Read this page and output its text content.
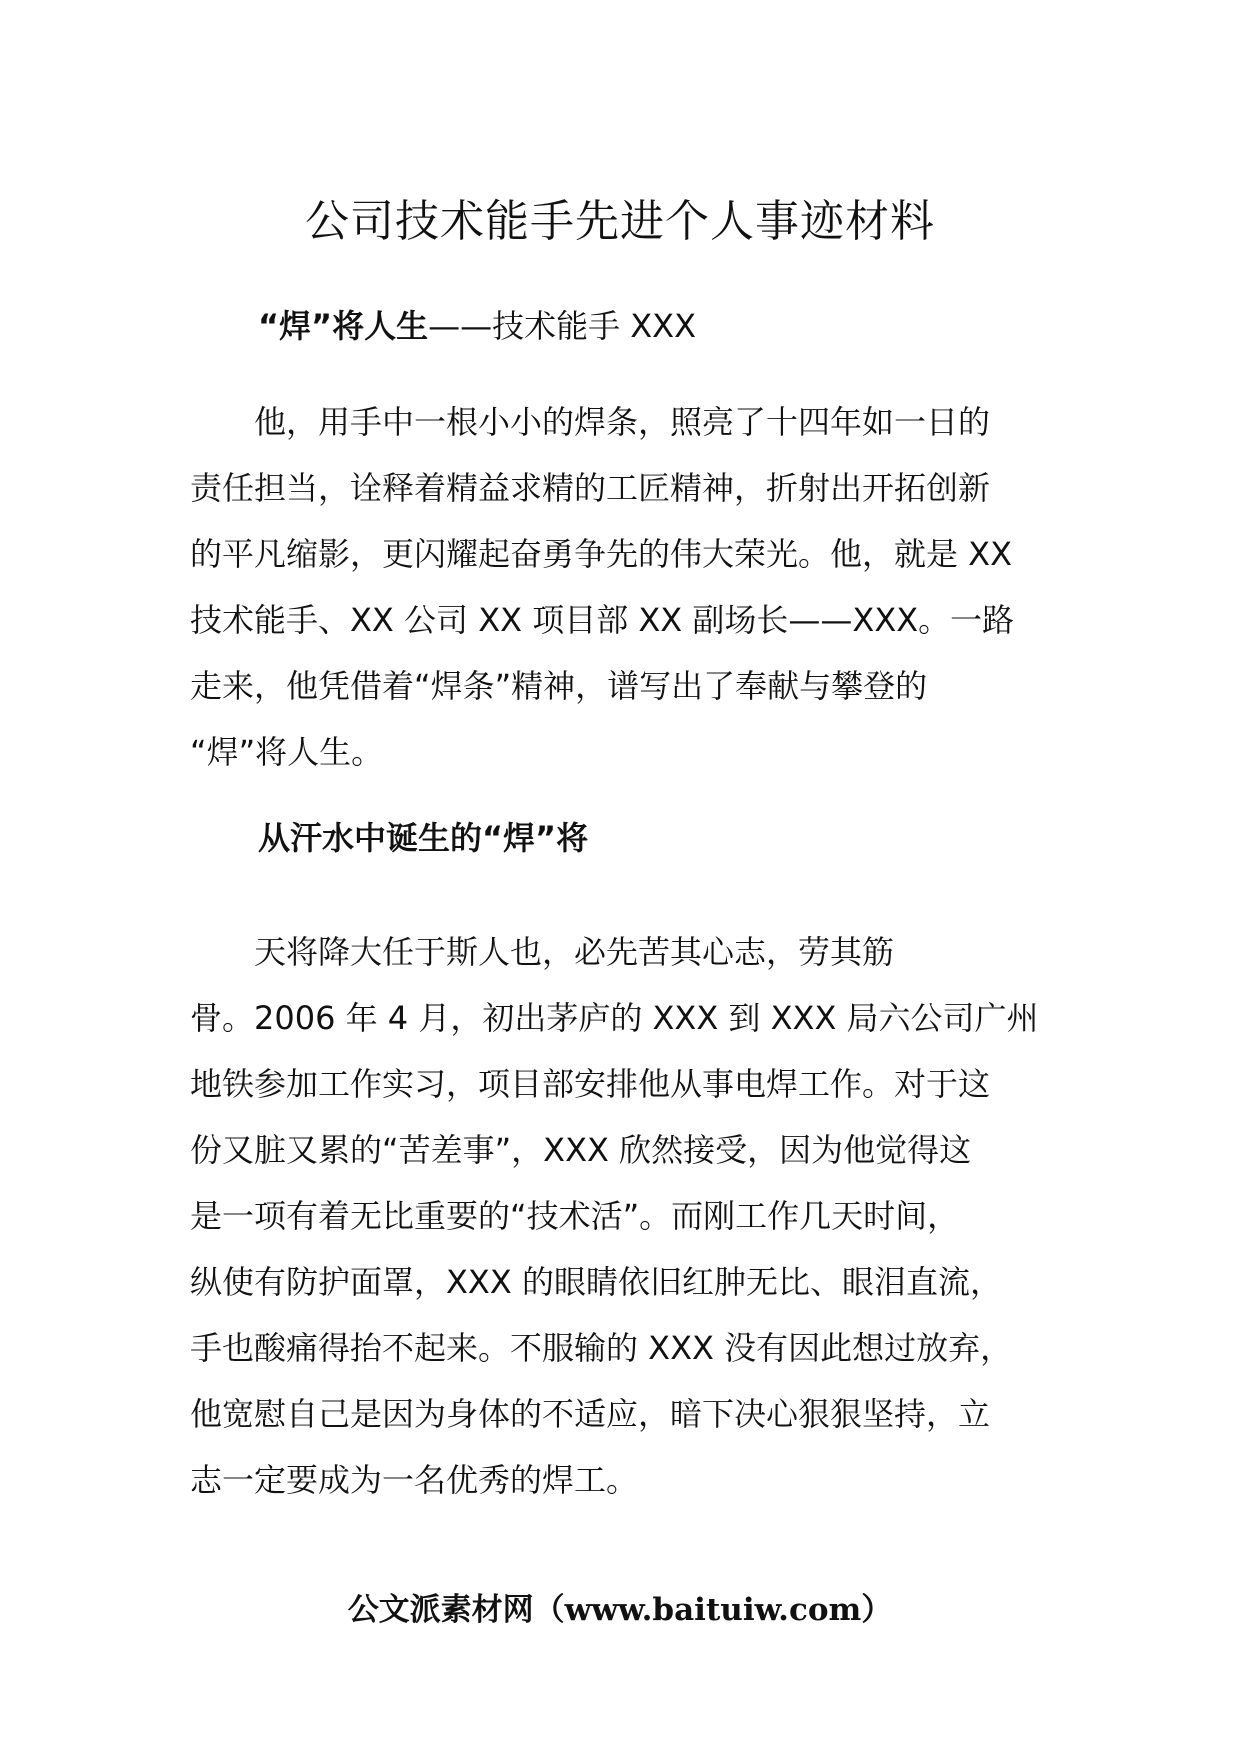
公司技术能手先进个人事迹材料
“焊”将人生——技术能手 XXX
　　他，用手中一根小小的焊条，照亮了十四年如一日的
责任担当，诠释着精益求精的工匠精神，折射出开拓创新
的平凡缩影，更闪耀起奋勇争先的伟大荣光。他，就是 XX
技术能手、XX 公司 XX 项目部 XX 副场长——XXX。一路
走来，他凭借着“焊条”精神，谱写出了奉献与攀登的
“焊”将人生。
从汗水中诞生的“焊”将
　　天将降大任于斯人也，必先苦其心志，劳其筋
骨。2006 年 4 月，初出茅庐的 XXX 到 XXX 局六公司广州
地铁参加工作实习，项目部安排他从事电焊工作。对于这
份又脏又累的“苦差事”，XXX 欣然接受，因为他觉得这
是一项有着无比重要的“技术活”。而刚工作几天时间，
纵使有防护面罩，XXX 的眼睛依旧红肿无比、眼泪直流，
手也酸痛得抬不起来。不服输的 XXX 没有因此想过放弃，
他宽慰自己是因为身体的不适应，暗下决心狠狠坚持，立
志一定要成为一名优秀的焊工。
公文派素材网（www.baituiw.com）
